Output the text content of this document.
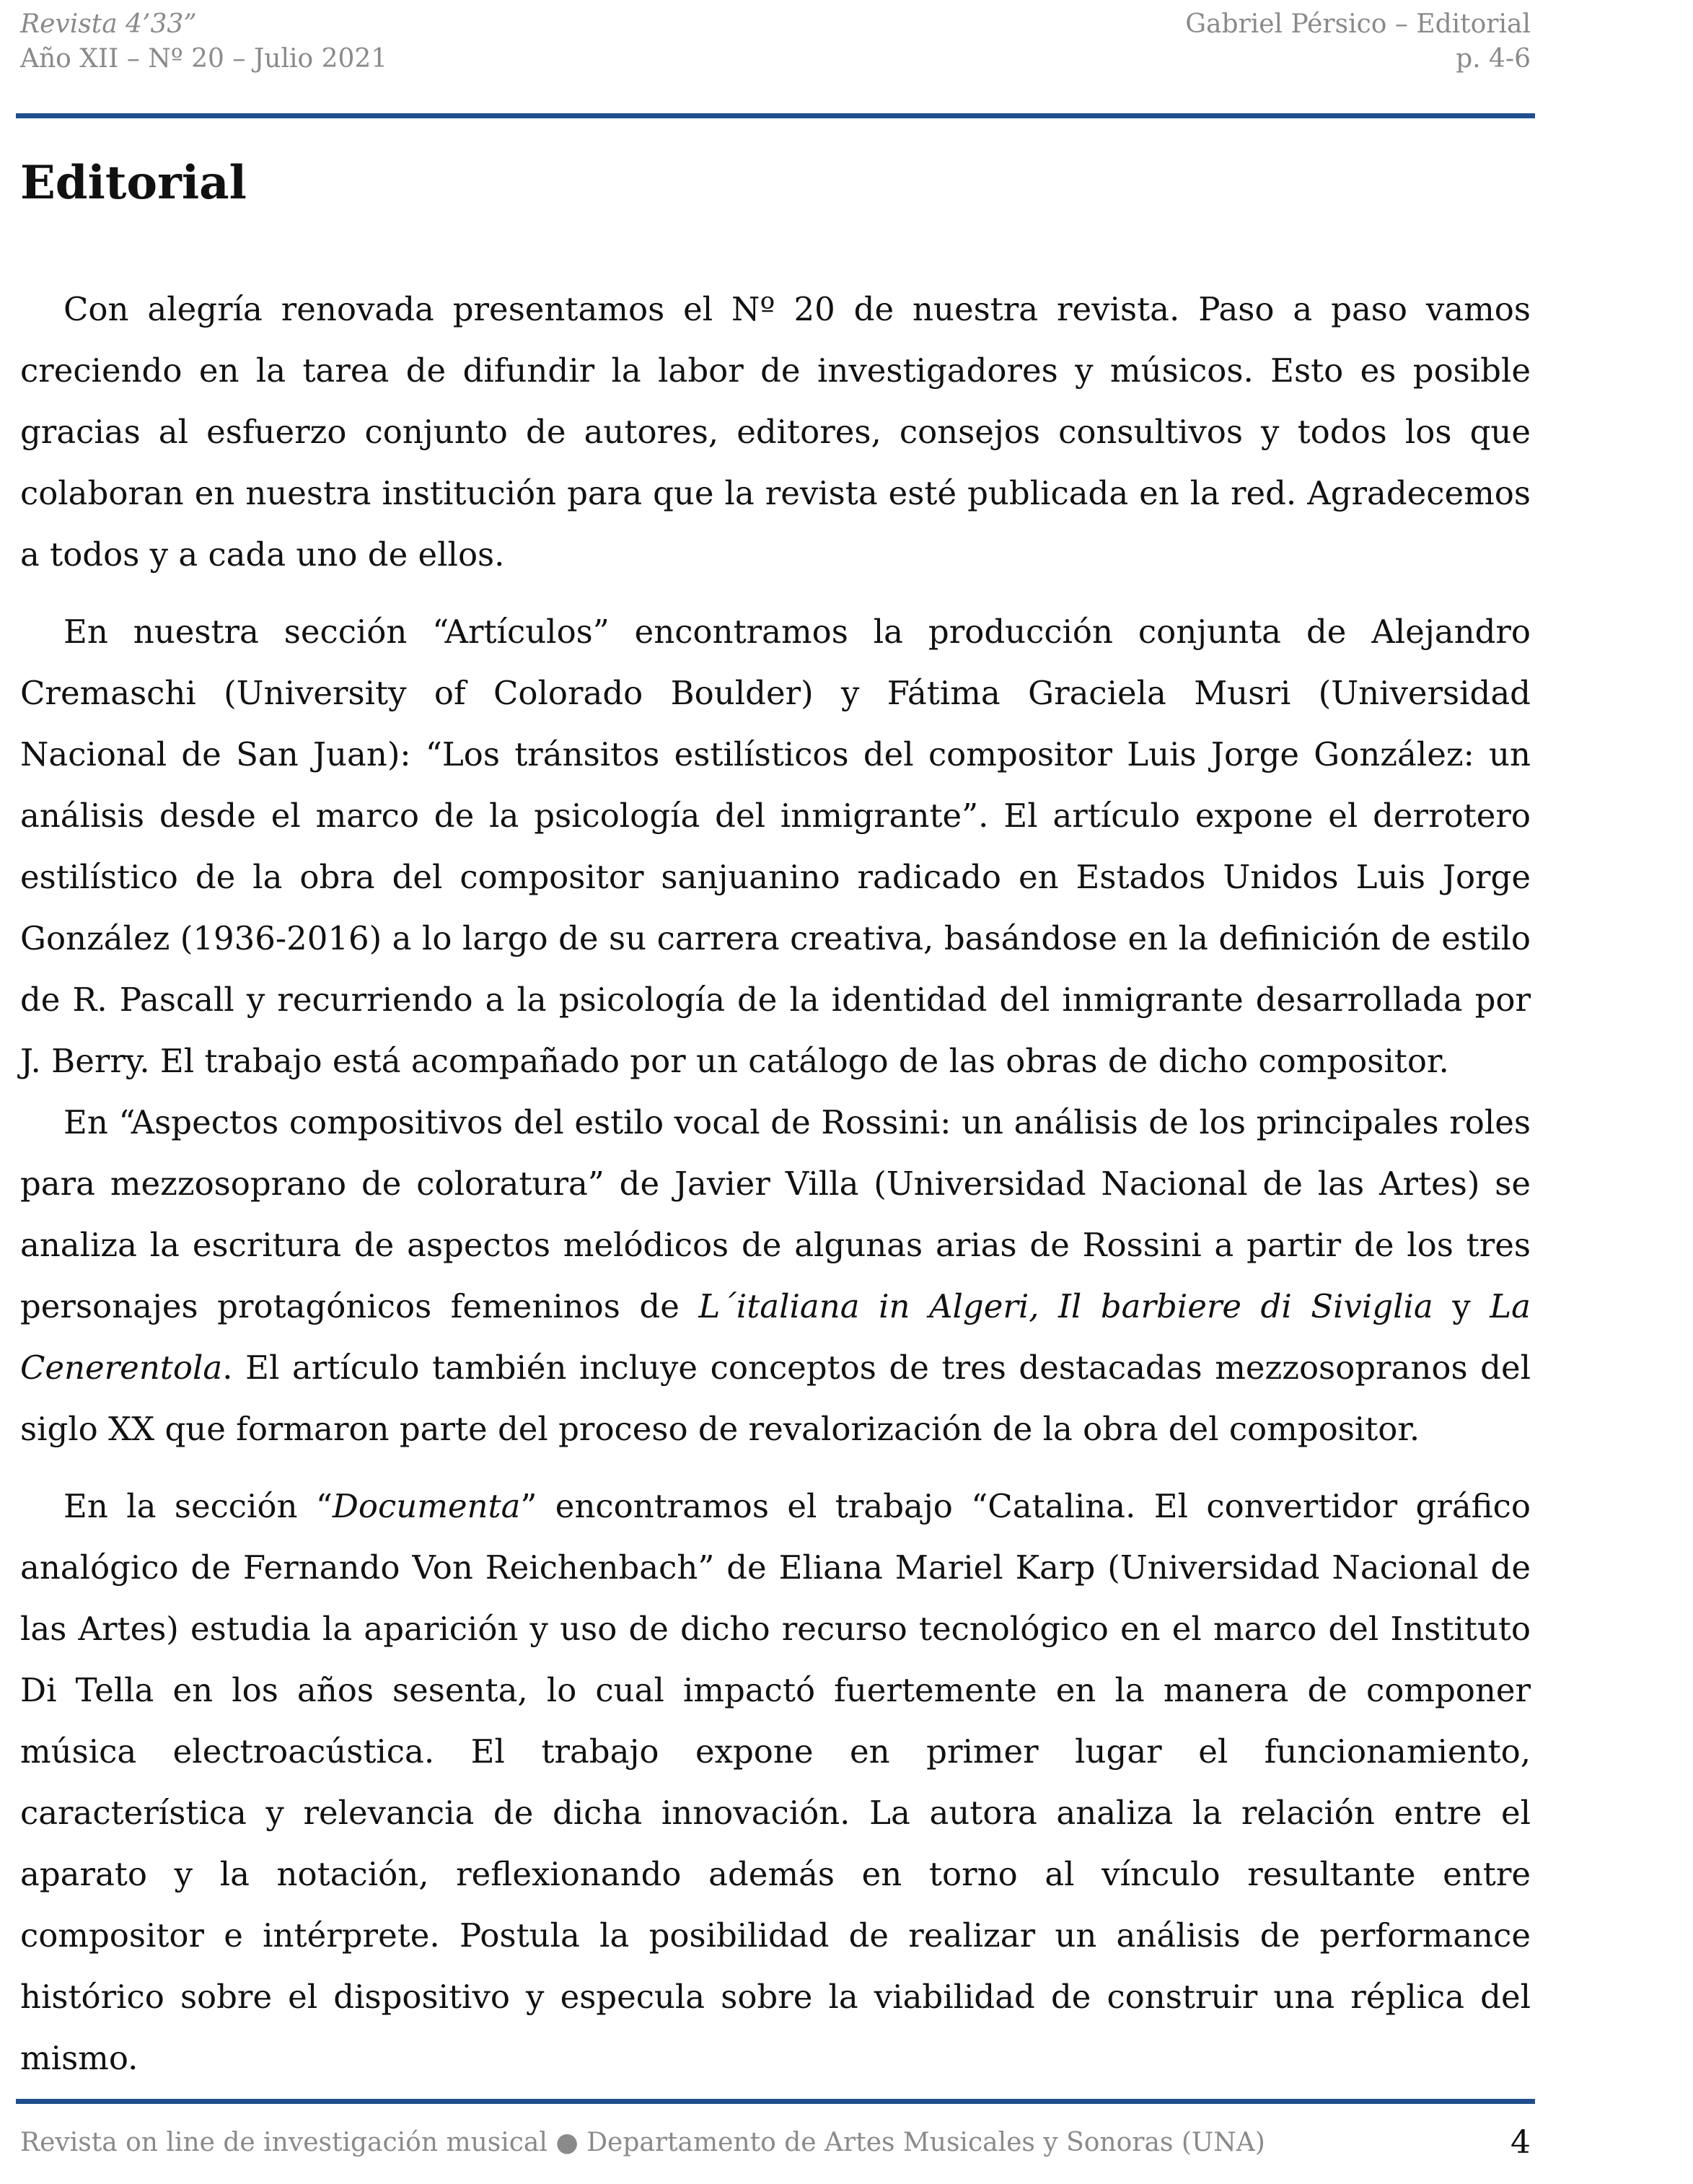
Revista 4’33”
Año XII – Nº 20 – Julio 2021
Gabriel Pérsico – Editorial
p. 4-6
Editorial

Con alegría renovada presentamos el Nº 20 de nuestra revista. Paso a paso vamos creciendo en la tarea de difundir la labor de investigadores y músicos. Esto es posible gracias al esfuerzo conjunto de autores, editores, consejos consultivos y todos los que colaboran en nuestra institución para que la revista esté publicada en la red. Agradecemos a todos y a cada uno de ellos.

En nuestra sección “Artículos” encontramos la producción conjunta de Alejandro Cremaschi (University of Colorado Boulder) y Fátima Graciela Musri (Universidad Nacional de San Juan): “Los tránsitos estilísticos del compositor Luis Jorge González: un análisis desde el marco de la psicología del inmigrante”. El artículo expone el derrotero estilístico de la obra del compositor sanjuanino radicado en Estados Unidos Luis Jorge González (1936-2016) a lo largo de su carrera creativa, basándose en la definición de estilo de R. Pascall y recurriendo a la psicología de la identidad del inmigrante desarrollada por J. Berry. El trabajo está acompañado por un catálogo de las obras de dicho compositor.

En “Aspectos compositivos del estilo vocal de Rossini: un análisis de los principales roles para mezzosoprano de coloratura” de Javier Villa (Universidad Nacional de las Artes) se analiza la escritura de aspectos melódicos de algunas arias de Rossini a partir de los tres personajes protagónicos femeninos de L´italiana in Algeri, Il barbiere di Siviglia y La Cenerentola. El artículo también incluye conceptos de tres destacadas mezzosopranos del siglo XX que formaron parte del proceso de revalorización de la obra del compositor.

En la sección “Documenta” encontramos el trabajo “Catalina. El convertidor gráfico analógico de Fernando Von Reichenbach” de Eliana Mariel Karp (Universidad Nacional de las Artes) estudia la aparición y uso de dicho recurso tecnológico en el marco del Instituto Di Tella en los años sesenta, lo cual impactó fuertemente en la manera de componer música electroacústica. El trabajo expone en primer lugar el funcionamiento, característica y relevancia de dicha innovación. La autora analiza la relación entre el aparato y la notación, reflexionando además en torno al vínculo resultante entre compositor e intérprete. Postula la posibilidad de realizar un análisis de performance histórico sobre el dispositivo y especula sobre la viabilidad de construir una réplica del mismo.

Revista on line de investigación musical ● Departamento de Artes Musicales y Sonoras (UNA)	4
